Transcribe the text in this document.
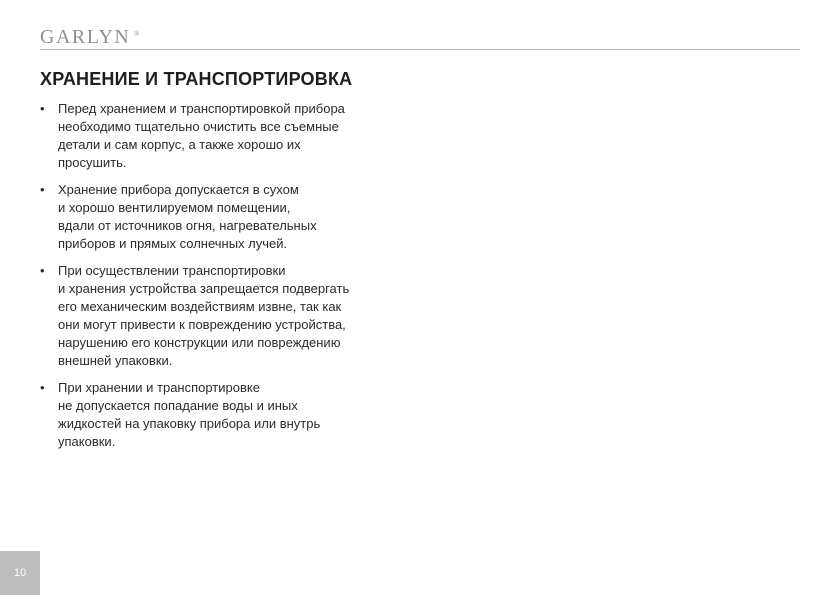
GARLYN ®
ХРАНЕНИЕ И ТРАНСПОРТИРОВКА
• Перед хранением и транспортировкой прибора
необходимо тщательно очистить все съемные
детали и сам корпус, а также хорошо их
просушить.
• Хранение прибора допускается в сухом
и хорошо вентилируемом помещении,
вдали от источников огня, нагревательных
приборов и прямых солнечных лучей.
• При осуществлении транспортировки
и хранения устройства запрещается подвергать
его механическим воздействиям извне, так как
они могут привести к повреждению устройства,
нарушению его конструкции или повреждению
внешней упаковки.
• При хранении и транспортировке
не допускается попадание воды и иных
жидкостей на упаковку прибора или внутрь
упаковки.
10
